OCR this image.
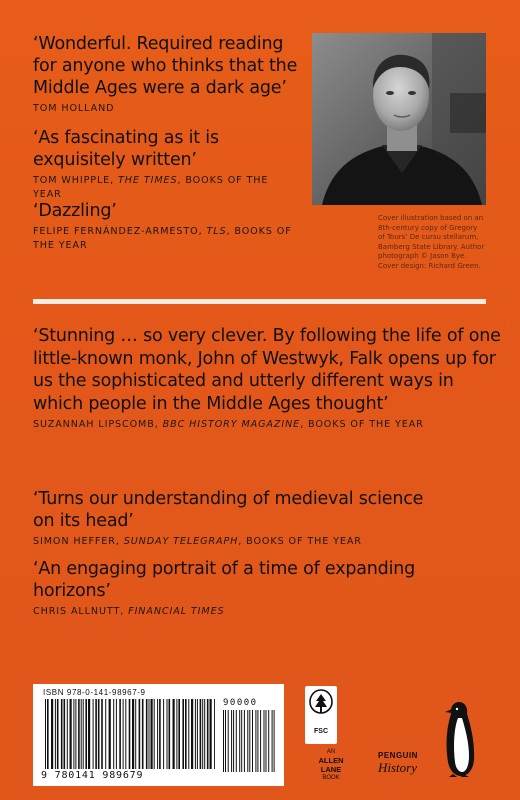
‘Wonderful. Required reading for anyone who thinks that the Middle Ages were a dark age’
TOM HOLLAND
‘As fascinating as it is exquisitely written’
TOM WHIPPLE, THE TIMES, BOOKS OF THE YEAR
‘Dazzling’
FELIPE FERNÁNDEZ-ARMESTO, TLS, BOOKS OF THE YEAR
Cover illustration based on an 8th-century copy of Gregory of Tours’ De cursu stellarum, Bamberg State Library. Author photograph © Jason Bye. Cover design: Richard Green.
‘Stunning … so very clever. By following the life of one little-known monk, John of Westwyk, Falk opens up for us the sophisticated and utterly different ways in which people in the Middle Ages thought’
SUZANNAH LIPSCOMB, BBC HISTORY MAGAZINE, BOOKS OF THE YEAR
‘Turns our understanding of medieval science on its head’
SIMON HEFFER, SUNDAY TELEGRAPH, BOOKS OF THE YEAR
‘An engaging portrait of a time of expanding horizons’
CHRIS ALLNUTT, FINANCIAL TIMES
ISBN 978-0-141-98967-9
9 780141 989679
90000
FSC
AN
ALLEN
LANE
BOOK
PENGUIN
History
